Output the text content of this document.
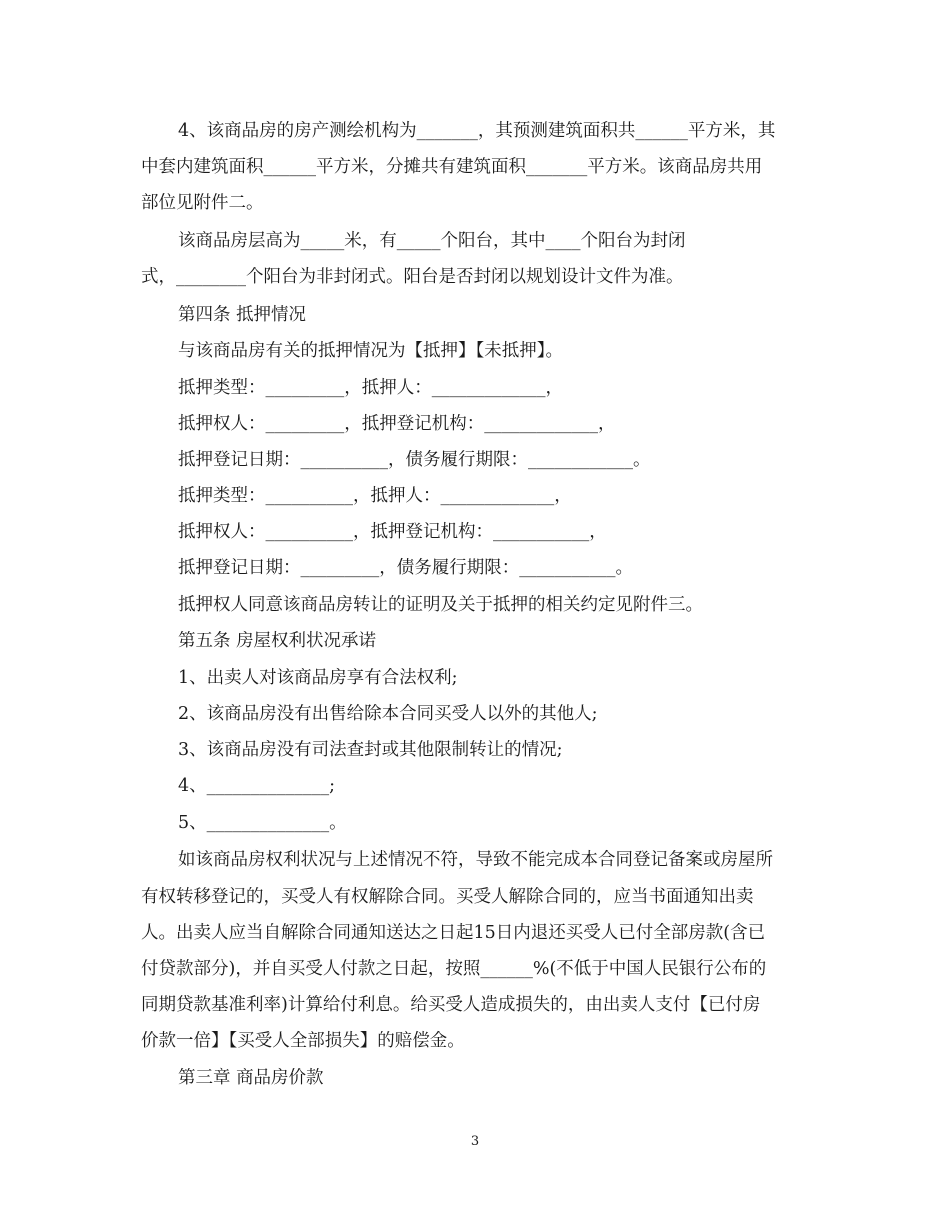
4、该商品房的房产测绘机构为_______，其预测建筑面积共______平方米，其
中套内建筑面积______平方米，分摊共有建筑面积_______平方米。该商品房共用
部位见附件二。
该商品房层高为_____米，有_____个阳台，其中____个阳台为封闭
式，________个阳台为非封闭式。阳台是否封闭以规划设计文件为准。
第四条 抵押情况
与该商品房有关的抵押情况为【抵押】【未抵押】。
抵押类型：_________，抵押人：_____________，
抵押权人：_________，抵押登记机构：_____________，
抵押登记日期：__________，债务履行期限：____________。
抵押类型：__________，抵押人：_____________，
抵押权人：__________，抵押登记机构：___________，
抵押登记日期：_________，债务履行期限：___________。
抵押权人同意该商品房转让的证明及关于抵押的相关约定见附件三。
第五条 房屋权利状况承诺
1、出卖人对该商品房享有合法权利;
2、该商品房没有出售给除本合同买受人以外的其他人;
3、该商品房没有司法查封或其他限制转让的情况;
4、______________;
5、______________。
如该商品房权利状况与上述情况不符，导致不能完成本合同登记备案或房屋所
有权转移登记的，买受人有权解除合同。买受人解除合同的，应当书面通知出卖
人。出卖人应当自解除合同通知送达之日起15日内退还买受人已付全部房款(含已
付贷款部分)，并自买受人付款之日起，按照______%(不低于中国人民银行公布的
同期贷款基准利率)计算给付利息。给买受人造成损失的，由出卖人支付【已付房
价款一倍】【买受人全部损失】的赔偿金。
第三章 商品房价款
3
